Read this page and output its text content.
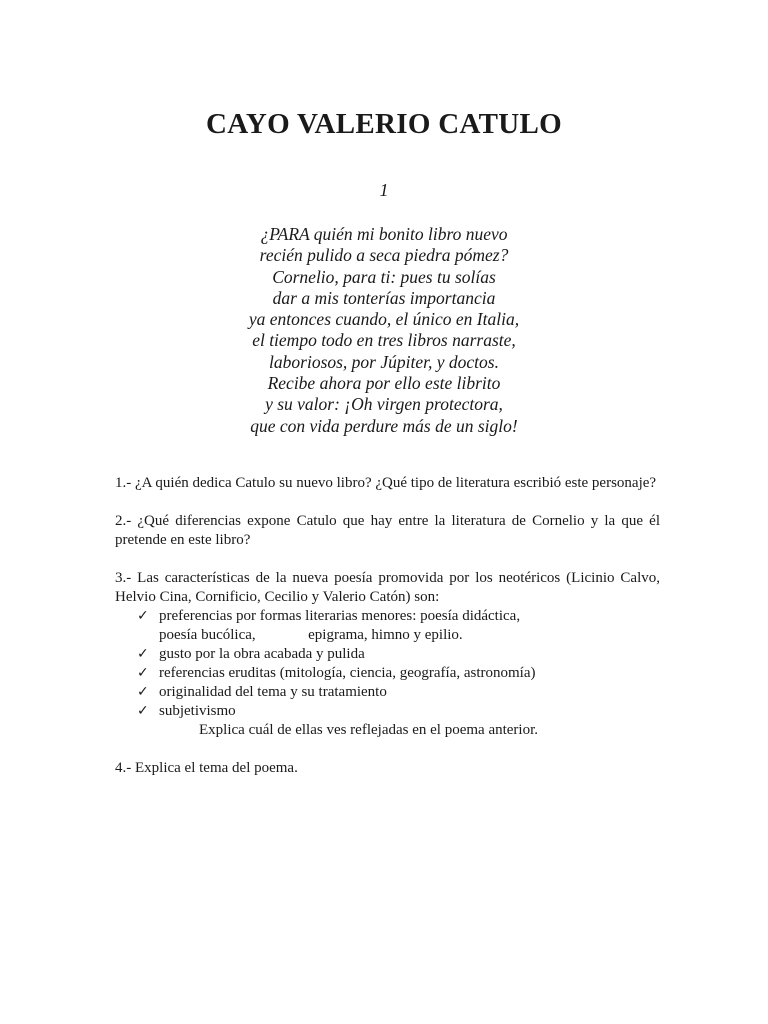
CAYO VALERIO CATULO
1
¿PARA quién mi bonito libro nuevo
recién pulido a seca piedra pómez?
Cornelio, para ti: pues tu solías
dar a mis tonterías importancia
ya entonces cuando, el único en Italia,
el tiempo todo en tres libros narraste,
laboriosos, por Júpiter, y doctos.
Recibe ahora por ello este librito
y su valor: ¡Oh virgen protectora,
que con vida perdure más de un siglo!

1.- ¿A quién dedica Catulo su nuevo libro? ¿Qué tipo de literatura escribió este personaje?

2.- ¿Qué diferencias expone Catulo que hay entre la literatura de Cornelio y la que él pretende en este libro?

3.- Las características de la nueva poesía promovida por los neotéricos (Licinio Calvo, Helvio Cina, Cornificio, Cecilio y Valerio Catón) son:

✓ preferencias por formas literarias menores: poesía didáctica,
poesía bucólica,              epigrama, himno y epilio.
✓ gusto por la obra acabada y pulida
✓ referencias eruditas (mitología, ciencia, geografía, astronomía)
✓ originalidad del tema y su tratamiento
✓ subjetivismo

Explica cuál de ellas ves reflejadas en el poema anterior.

4.- Explica el tema del poema.
